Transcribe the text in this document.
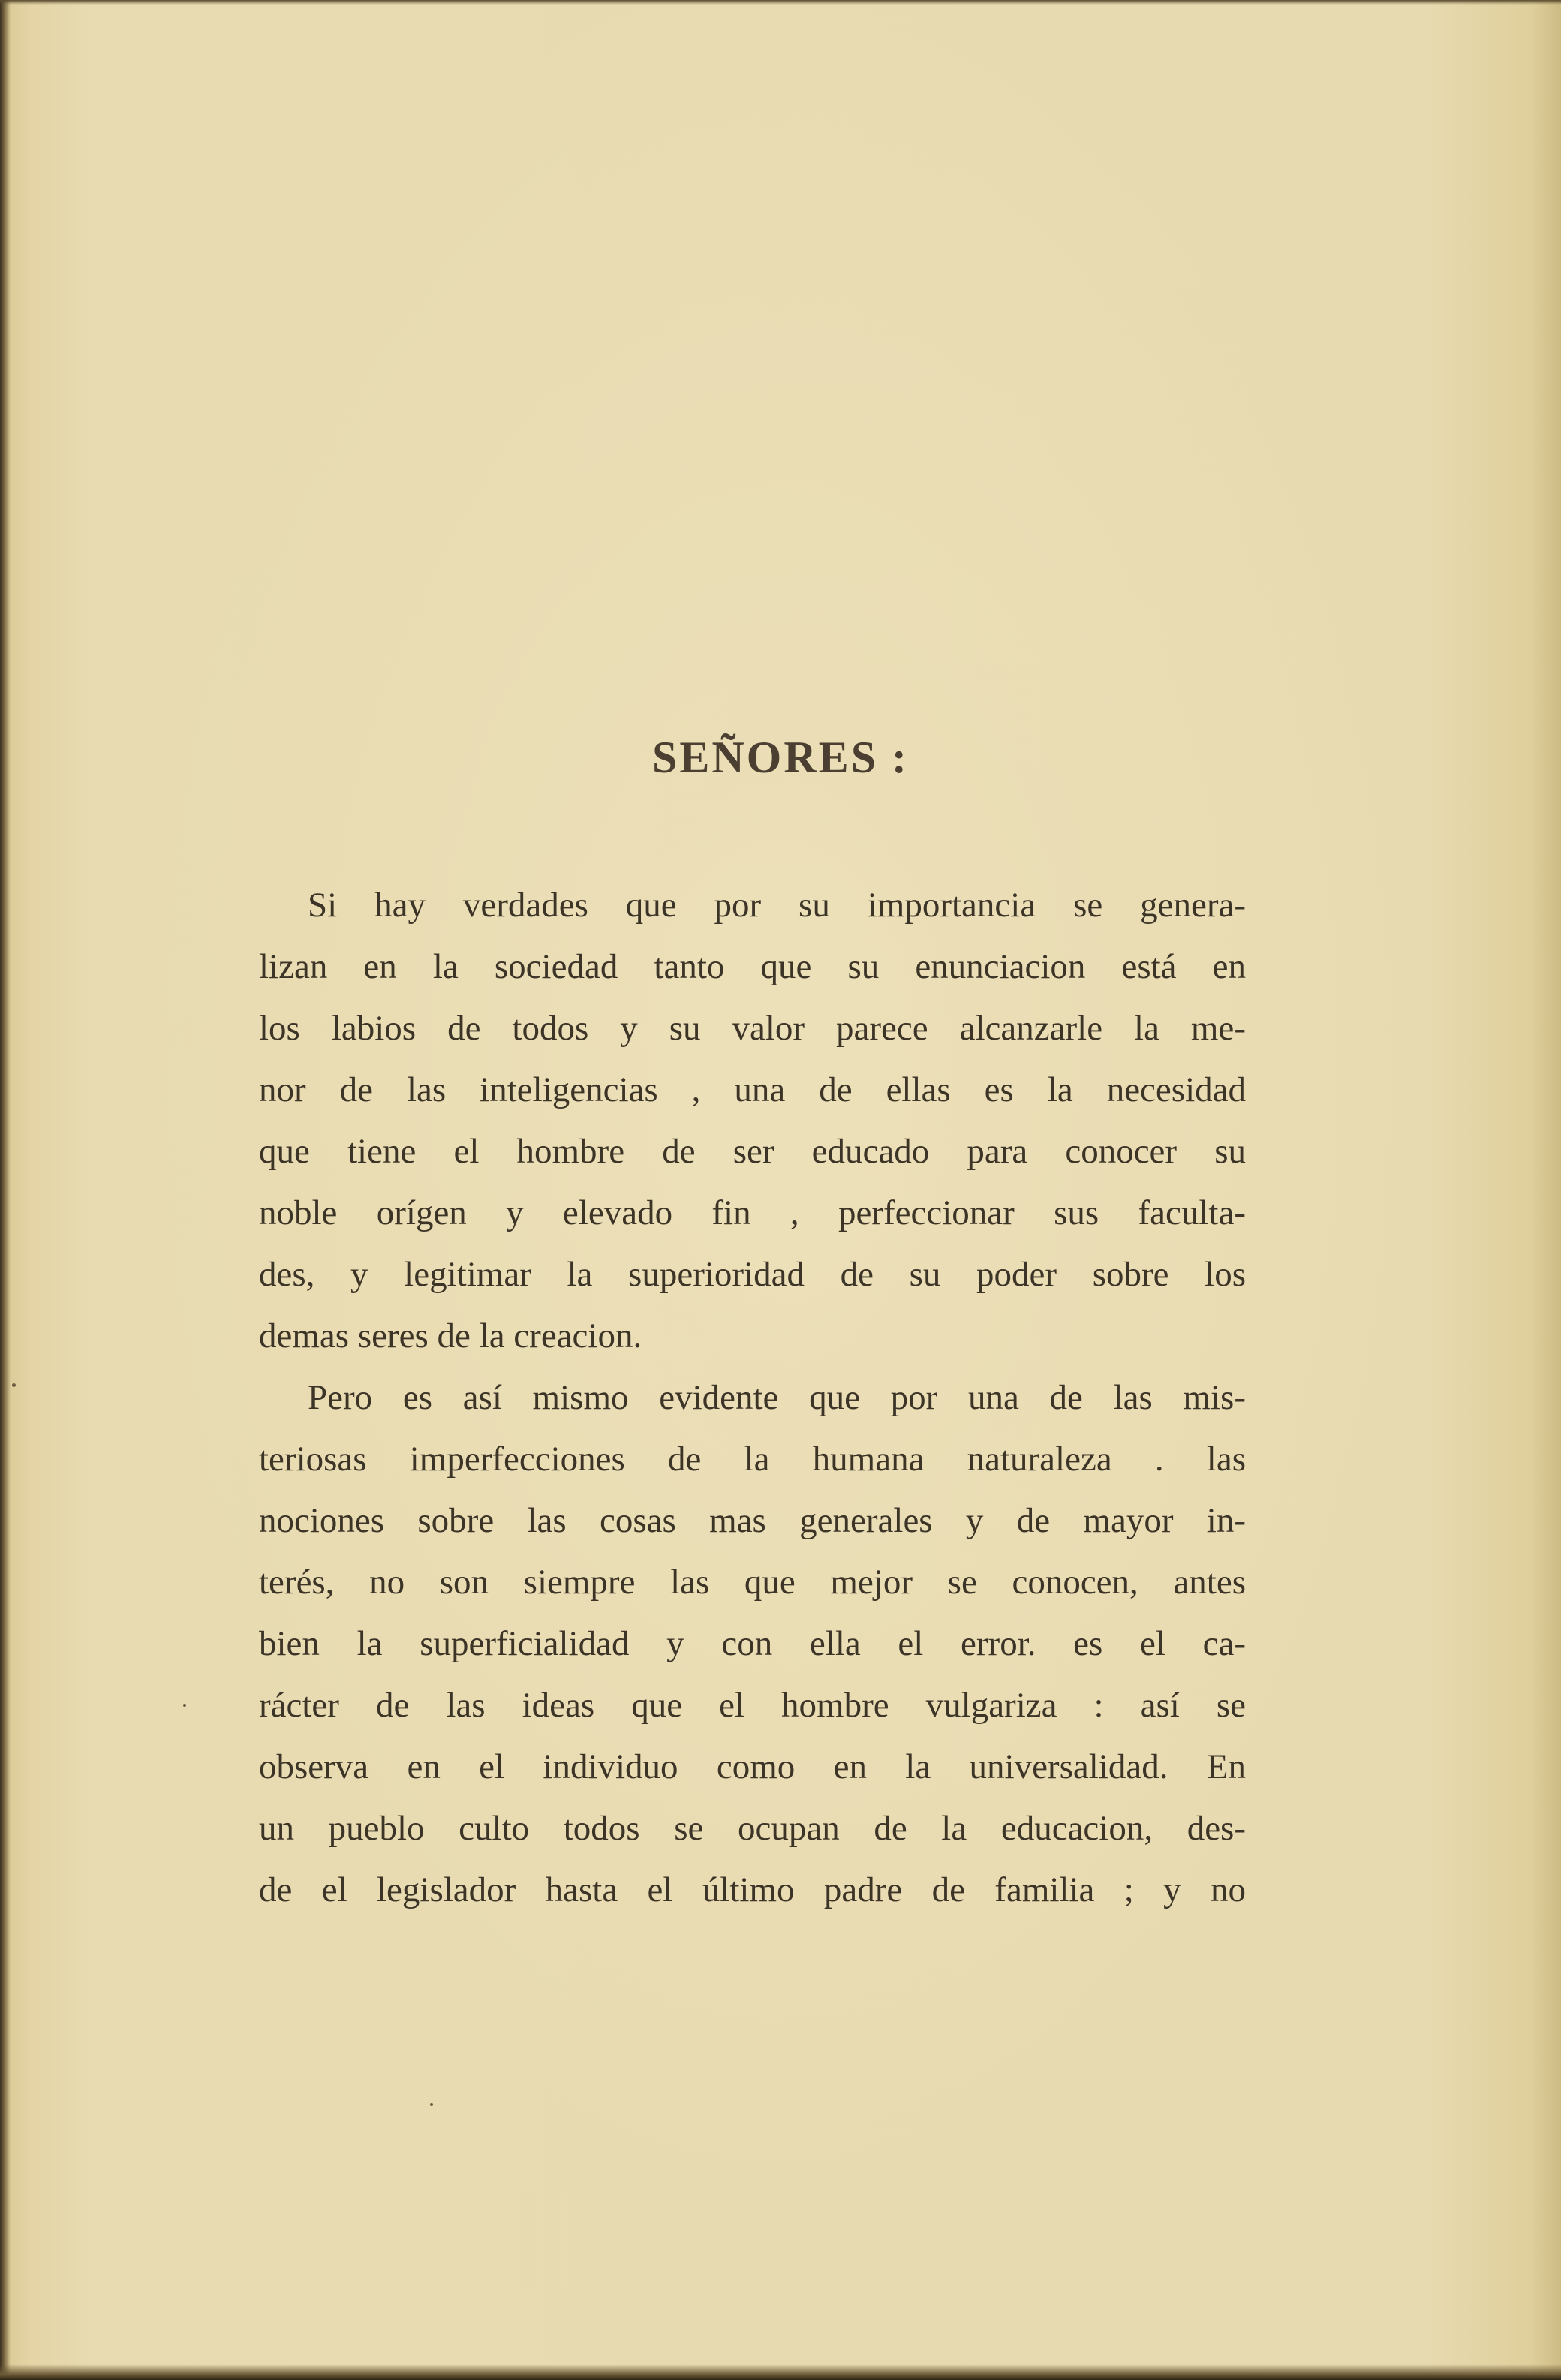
SEÑORES :
Si hay verdades que por su importancia se genera-
lizan en la sociedad tanto que su enunciacion está en
los labios de todos y su valor parece alcanzarle la me-
nor de las inteligencias , una de ellas es la necesidad
que tiene el hombre de ser educado para conocer su
noble orígen y elevado fin , perfeccionar sus faculta-
des, y legitimar la superioridad de su poder sobre los
demas seres de la creacion.
Pero es así mismo evidente que por una de las mis-
teriosas imperfecciones de la humana naturaleza . las
nociones sobre las cosas mas generales y de mayor in-
terés, no son siempre las que mejor se conocen, antes
bien la superficialidad y con ella el error. es el ca-
rácter de las ideas que el hombre vulgariza : así se
observa en el individuo como en la universalidad. En
un pueblo culto todos se ocupan de la educacion, des-
de el legislador hasta el último padre de familia ; y no
